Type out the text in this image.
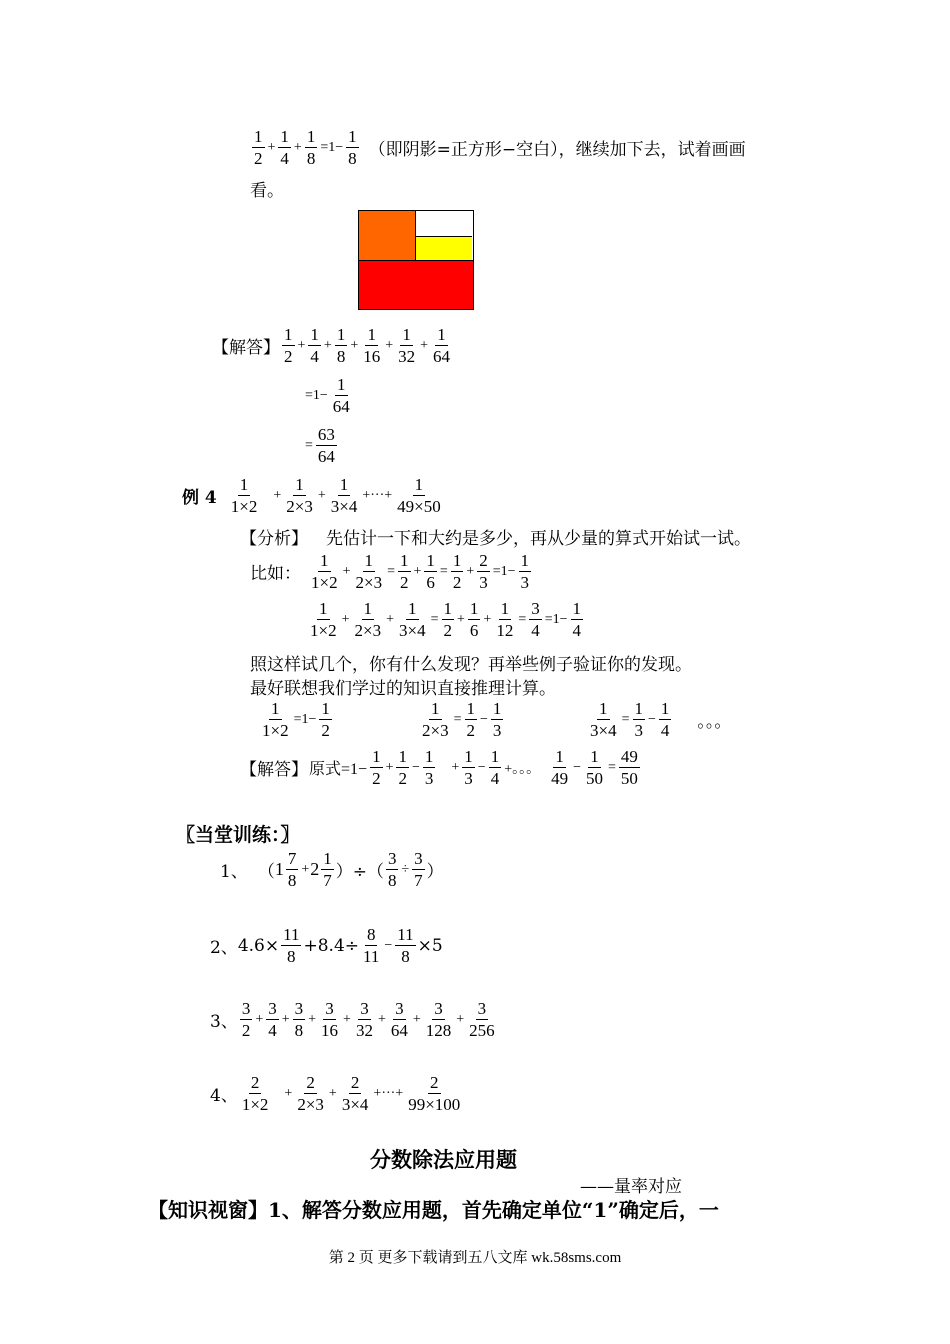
$\frac{1}{2} + \frac{1}{4} + \frac{1}{8} =1- \frac{1}{8}$ （即阴影=正方形−空白），继续加下去，试着画画
看。
【解答】 $\frac{1}{2} + \frac{1}{4} + \frac{1}{8} + \frac{1}{16} + \frac{1}{32} + \frac{1}{64}$
$=1- \frac{1}{64}$
= $\frac{63}{64}$
例 $4 \frac{1}{1\times 2} + \frac{1}{2\times 3} + \frac{1}{3\times 4}$ +···+ $\frac{1}{49\times 50}$
【分析】 先估计一下和大约是多少，再从少量的算式开始试一试。
比如： $\frac{1}{1\times 2} + \frac{1}{2\times 3} = \frac{1}{2} + \frac{1}{6} = \frac{1}{2} + \frac{2}{3} =1- \frac{1}{3}$
$\frac{1}{1\times 2} + \frac{1}{2\times 3} + \frac{1}{3\times 4} = \frac{1}{2} + \frac{1}{6} + \frac{1}{12} = \frac{3}{4} =1- \frac{1}{4}$
照这样试几个，你有什么发现？再举些例子验证你的发现。
最好联想我们学过的知识直接推理计算。
$\frac{1}{1\times 2} =1- \frac{1}{2}$	$\frac{1}{2\times 3} = \frac{1}{2} - \frac{1}{3}$	$\frac{1}{3\times 4} = \frac{1}{3} - \frac{1}{4}$ 。。。
【解答】 原式$=1- \frac{1}{2} + \frac{1}{2} - \frac{1}{3} + \frac{1}{3} - \frac{1}{4}$ +。。。 $\frac{1}{49} - \frac{1}{50} = \frac{49}{50}$
〖当堂训练：〗
1、 （ $1 \frac{7}{8} + 2 \frac{1}{7}$ ）÷（ $\frac{3}{8} \div \frac{3}{7}$ ）
2、 $4.6\times \frac{11}{8} +8.4\div \frac{8}{11} - \frac{11}{8} \times 5$
3、 $\frac{3}{2} + \frac{3}{4} + \frac{3}{8} + \frac{3}{16} + \frac{3}{32} + \frac{3}{64} + \frac{3}{128} + \frac{3}{256}$
4、 $\frac{2}{1\times 2} + \frac{2}{2\times 3} + \frac{2}{3\times 4}$ +···+ $\frac{2}{99\times 100}$
分数除法应用题
——量率对应
【知识视窗】1、解答分数应用题，首先确定单位“1”确定后，一
第 2 页 更多下载请到五八文库 wk.58sms.com
